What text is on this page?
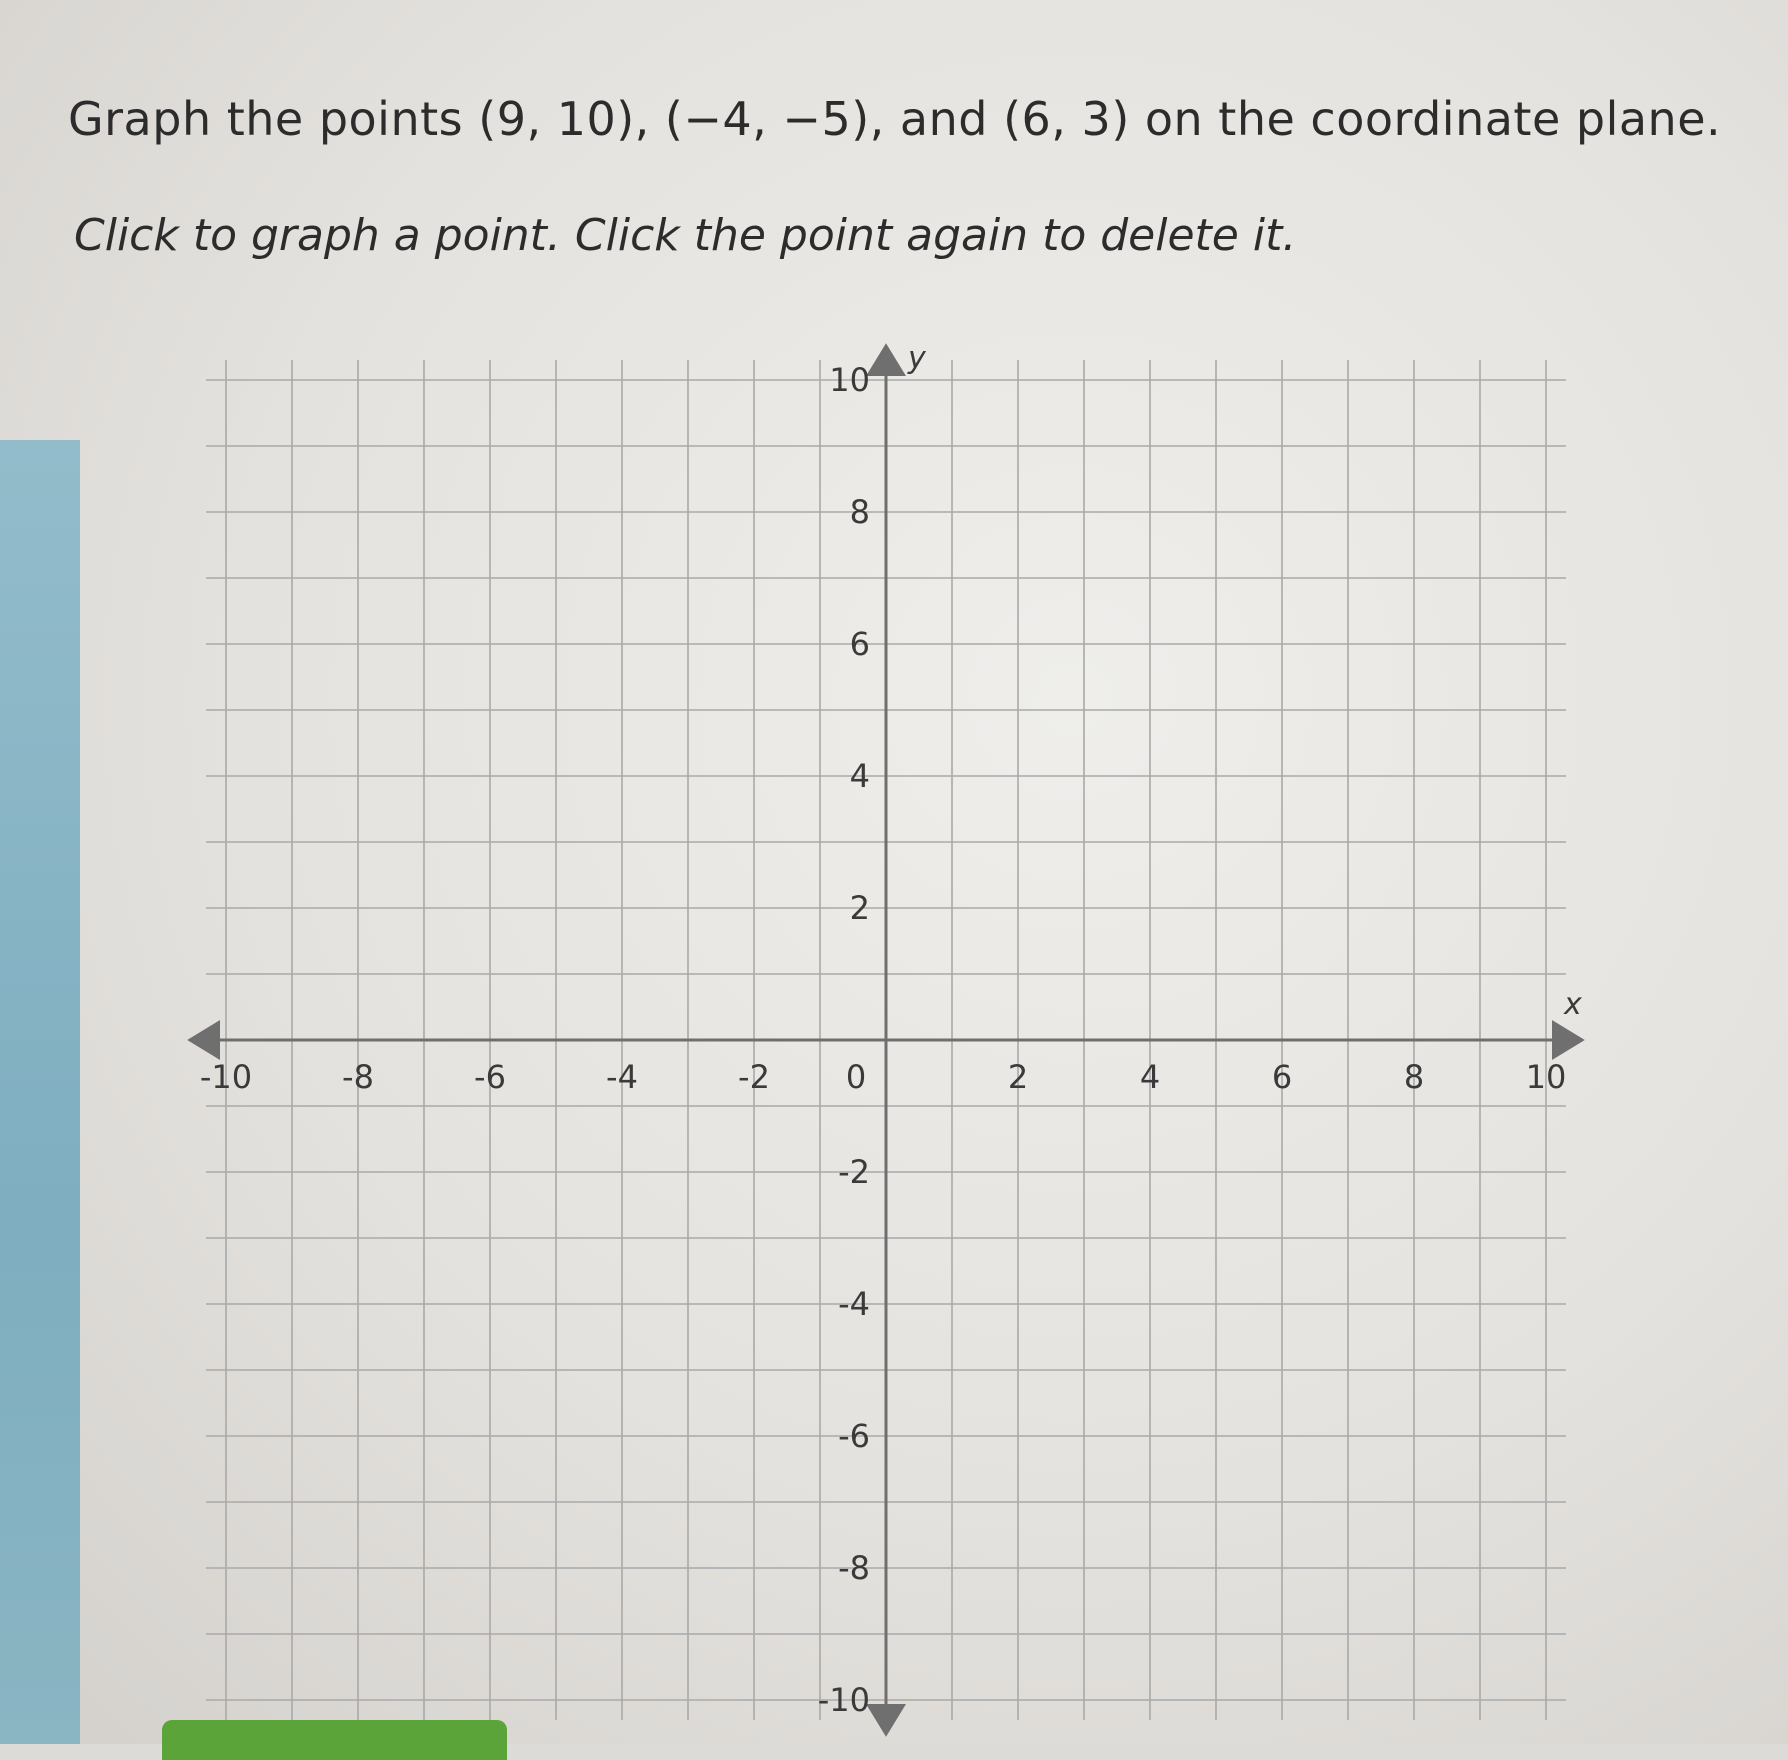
Graph the points (9, 10), (−4, −5), and (6, 3) on the coordinate plane.

Click to graph a point. Click the point again to delete it.

x
y
-10	-8	-6	-4	-2 0	2	4	6	8	10
10
8
6
4
2
-2
-4
-6
-8
-10
